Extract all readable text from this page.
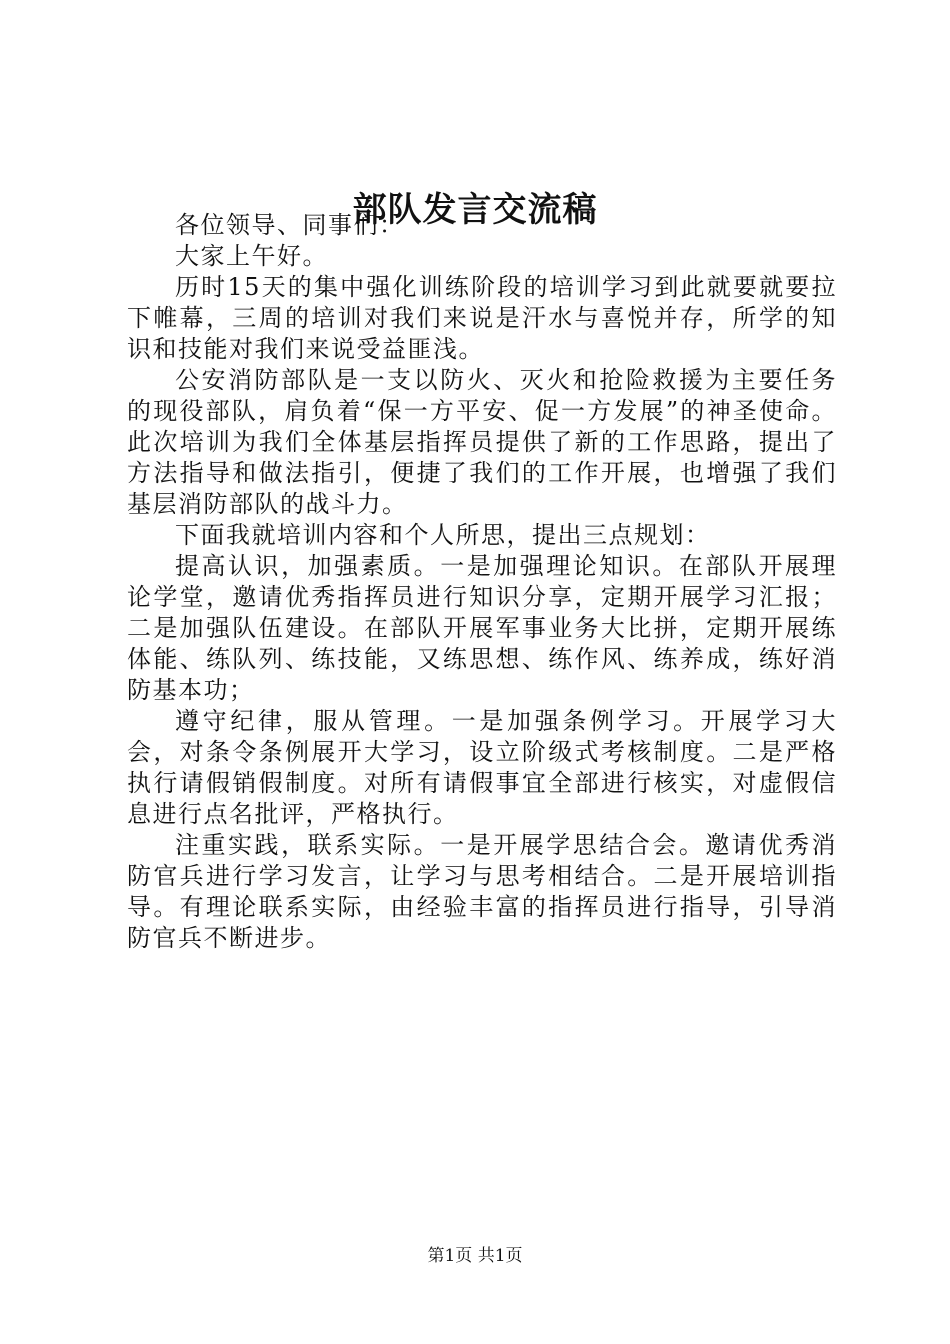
部队发言交流稿

各位领导、同事们：

大家上午好。

历时15天的集中强化训练阶段的培训学习到此就要就要拉下帷幕，三周的培训对我们来说是汗水与喜悦并存，所学的知识和技能对我们来说受益匪浅。

公安消防部队是一支以防火、灭火和抢险救援为主要任务的现役部队，肩负着“保一方平安、促一方发展”的神圣使命。此次培训为我们全体基层指挥员提供了新的工作思路，提出了方法指导和做法指引，便捷了我们的工作开展，也增强了我们基层消防部队的战斗力。

下面我就培训内容和个人所思，提出三点规划：

提高认识，加强素质。一是加强理论知识。在部队开展理论学堂，邀请优秀指挥员进行知识分享，定期开展学习汇报；二是加强队伍建设。在部队开展军事业务大比拼，定期开展练体能、练队列、练技能，又练思想、练作风、练养成，练好消防基本功；

遵守纪律，服从管理。一是加强条例学习。开展学习大会，对条令条例展开大学习，设立阶级式考核制度。二是严格执行请假销假制度。对所有请假事宜全部进行核实，对虚假信息进行点名批评，严格执行。

注重实践，联系实际。一是开展学思结合会。邀请优秀消防官兵进行学习发言，让学习与思考相结合。二是开展培训指导。有理论联系实际，由经验丰富的指挥员进行指导，引导消防官兵不断进步。

第1页 共1页
